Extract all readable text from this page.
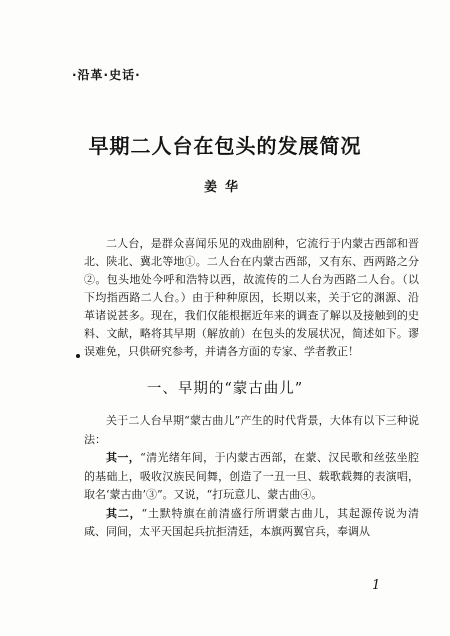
·沿革·史话·
早期二人台在包头的发展简况
姜华

二人台，是群众喜闻乐见的戏曲剧种，它流行于内蒙古西部和晋北、陕北、冀北等地①。二人台在内蒙古西部，又有东、西两路之分②。包头地处今呼和浩特以西，故流传的二人台为西路二人台。（以下均指西路二人台。）由于种种原因，长期以来，关于它的渊源、沿革诸说甚多。现在，我们仅能根据近年来的调查了解以及接触到的史料、文献，略将其早期（解放前）在包头的发展状况，简述如下。谬误难免，只供研究参考，并请各方面的专家、学者教正！

一、早期的“蒙古曲儿”

关于二人台早期“蒙古曲儿”产生的时代背景，大体有以下三种说法：

其一，“清光绪年间，于内蒙古西部，在蒙、汉民歌和丝弦坐腔的基础上，吸收汉族民间舞，创造了一丑一旦、载歌载舞的表演唱，取名‘蒙古曲’③”。又说，“打玩意儿、蒙古曲④。

其二，“土默特旗在前清盛行所谓蒙古曲儿，其起源传说为清咸、同间，太平天国起兵抗拒清廷，本旗两翼官兵，奉调从

1
